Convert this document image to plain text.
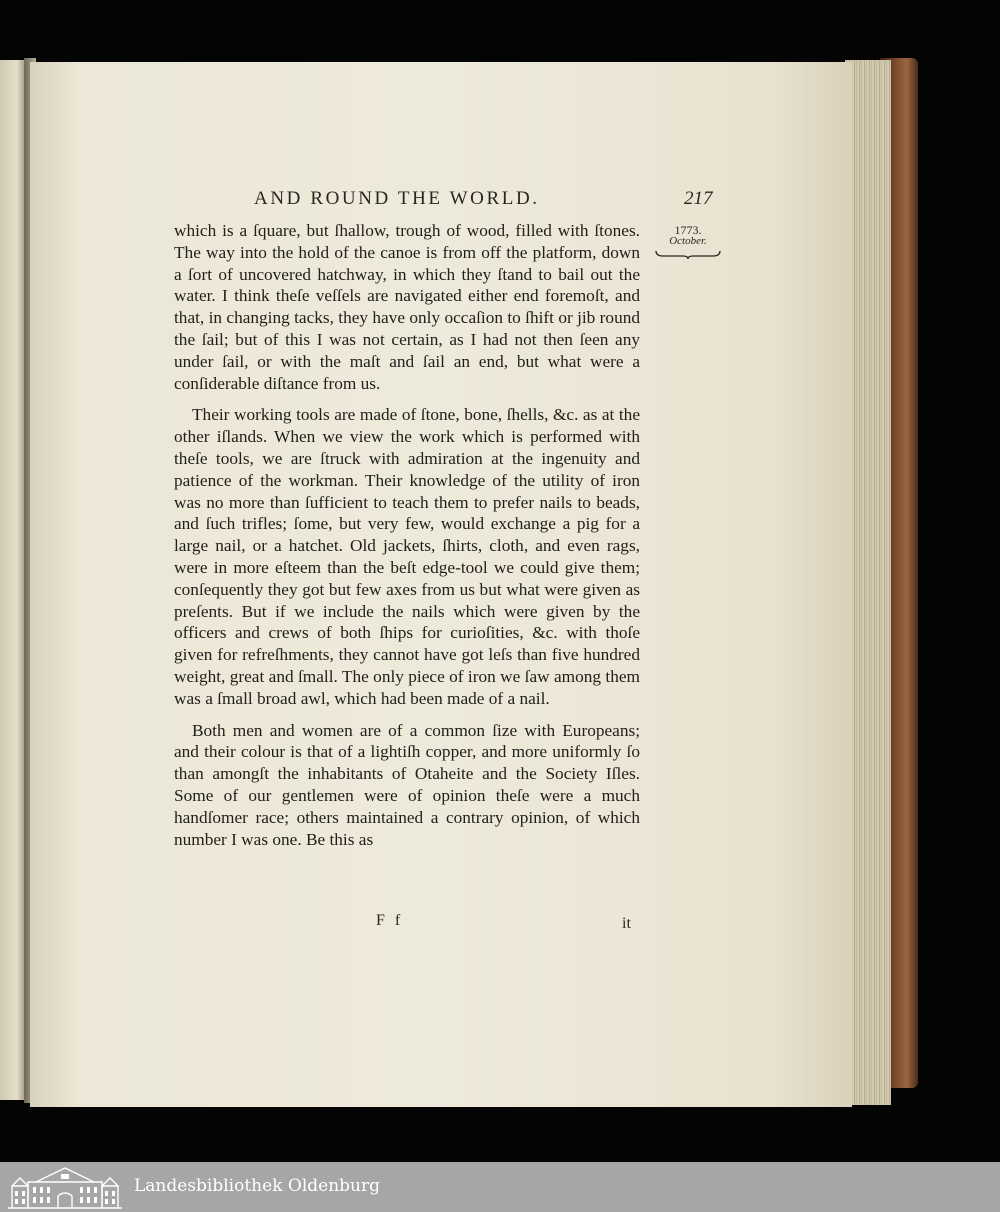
AND ROUND THE WORLD.	217
1773.
October.

which is a ſquare, but ſhallow, trough of wood, filled with ſtones. The way into the hold of the canoe is from off the platform, down a ſort of uncovered hatchway, in which they ſtand to bail out the water. I think theſe veſſels are navigated either end foremoſt, and that, in changing tacks, they have only occaſion to ſhift or jib round the ſail; but of this I was not certain, as I had not then ſeen any under ſail, or with the maſt and ſail an end, but what were a conſiderable diſtance from us.

Their working tools are made of ſtone, bone, ſhells, &c. as at the other iſlands. When we view the work which is performed with theſe tools, we are ſtruck with admiration at the ingenuity and patience of the workman. Their knowledge of the utility of iron was no more than ſufficient to teach them to prefer nails to beads, and ſuch trifles; ſome, but very few, would exchange a pig for a large nail, or a hatchet. Old jackets, ſhirts, cloth, and even rags, were in more eſteem than the beſt edge-tool we could give them; conſequently they got but few axes from us but what were given as preſents. But if we include the nails which were given by the officers and crews of both ſhips for curioſities, &c. with thoſe given for refreſhments, they cannot have got leſs than five hundred weight, great and ſmall. The only piece of iron we ſaw among them was a ſmall broad awl, which had been made of a nail.

Both men and women are of a common ſize with Europeans; and their colour is that of a lightiſh copper, and more uniformly ſo than amongſt the inhabitants of Otaheite and the Society Iſles. Some of our gentlemen were of opinion theſe were a much handſomer race; others maintained a contrary opinion, of which number I was one. Be this as

F f	it
Landesbibliothek Oldenburg
